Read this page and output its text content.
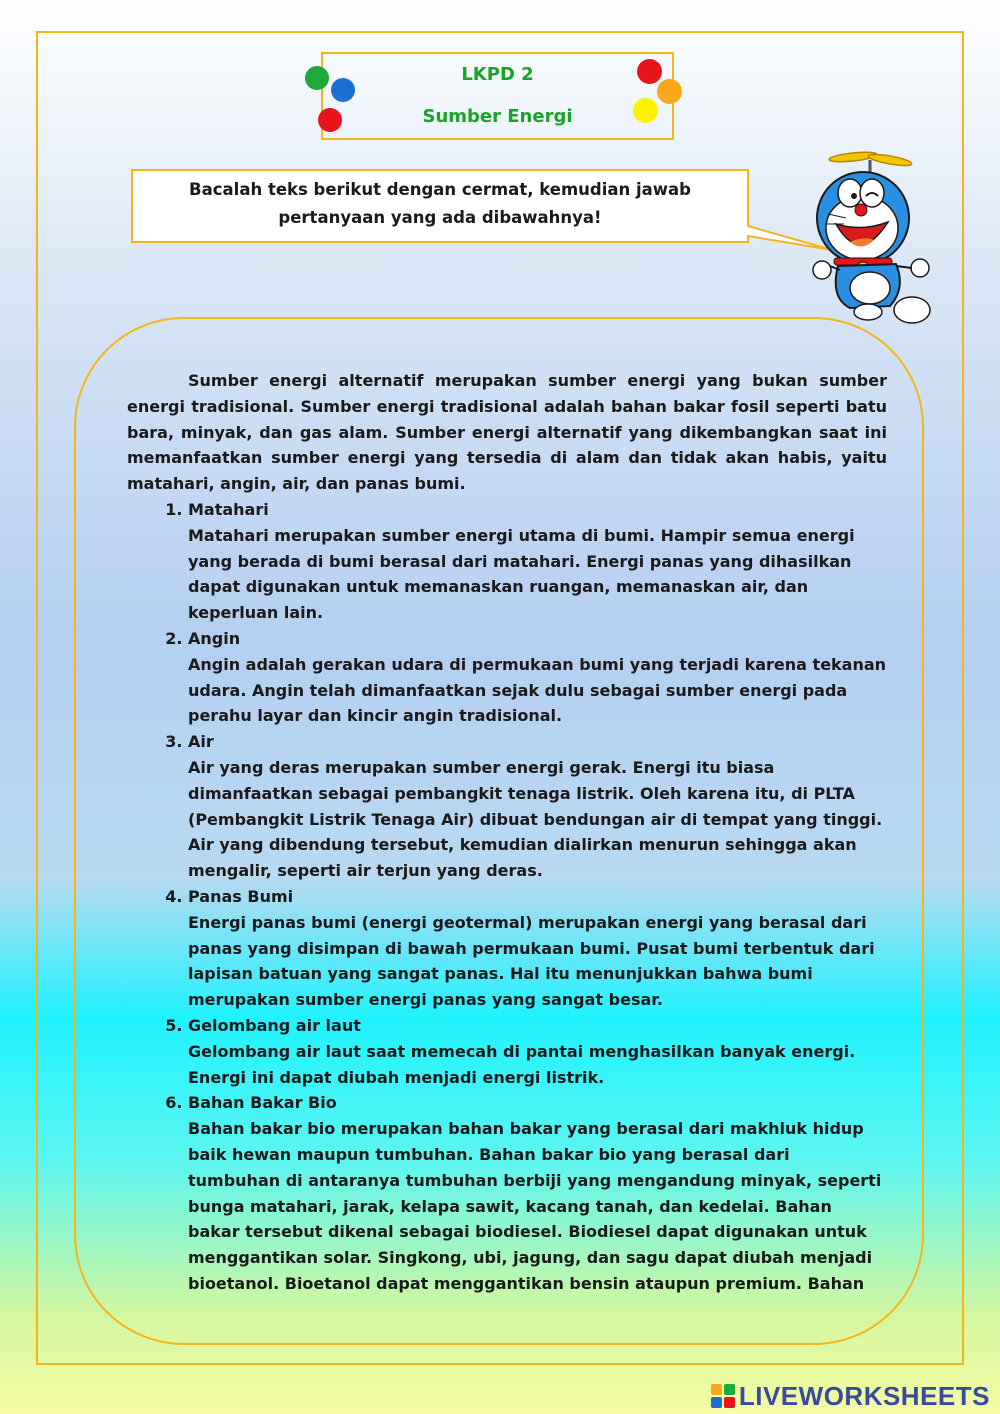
LKPD 2
Sumber Energi
Bacalah teks berikut dengan cermat, kemudian jawab pertanyaan yang ada dibawahnya!

Sumber energi alternatif merupakan sumber energi yang bukan sumber energi tradisional. Sumber energi tradisional adalah bahan bakar fosil seperti batu bara, minyak, dan gas alam. Sumber energi alternatif yang dikembangkan saat ini memanfaatkan sumber energi yang tersedia di alam dan tidak akan habis, yaitu matahari, angin, air, dan panas bumi.

1. Matahari
Matahari merupakan sumber energi utama di bumi. Hampir semua energi yang berada di bumi berasal dari matahari. Energi panas yang dihasilkan dapat digunakan untuk memanaskan ruangan, memanaskan air, dan keperluan lain.
2. Angin
Angin adalah gerakan udara di permukaan bumi yang terjadi karena tekanan udara. Angin telah dimanfaatkan sejak dulu sebagai sumber energi pada perahu layar dan kincir angin tradisional.
3. Air
Air yang deras merupakan sumber energi gerak. Energi itu biasa dimanfaatkan sebagai pembangkit tenaga listrik. Oleh karena itu, di PLTA (Pembangkit Listrik Tenaga Air) dibuat bendungan air di tempat yang tinggi. Air yang dibendung tersebut, kemudian dialirkan menurun sehingga akan mengalir, seperti air terjun yang deras.
4. Panas Bumi
Energi panas bumi (energi geotermal) merupakan energi yang berasal dari panas yang disimpan di bawah permukaan bumi. Pusat bumi terbentuk dari lapisan batuan yang sangat panas. Hal itu menunjukkan bahwa bumi merupakan sumber energi panas yang sangat besar.
5. Gelombang air laut
Gelombang air laut saat memecah di pantai menghasilkan banyak energi. Energi ini dapat diubah menjadi energi listrik.
6. Bahan Bakar Bio
Bahan bakar bio merupakan bahan bakar yang berasal dari makhluk hidup baik hewan maupun tumbuhan. Bahan bakar bio yang berasal dari tumbuhan di antaranya tumbuhan berbiji yang mengandung minyak, seperti bunga matahari, jarak, kelapa sawit, kacang tanah, dan kedelai. Bahan bakar tersebut dikenal sebagai biodiesel. Biodiesel dapat digunakan untuk menggantikan solar. Singkong, ubi, jagung, dan sagu dapat diubah menjadi bioetanol. Bioetanol dapat menggantikan bensin ataupun premium. Bahan
LIVEWORKSHEETS
